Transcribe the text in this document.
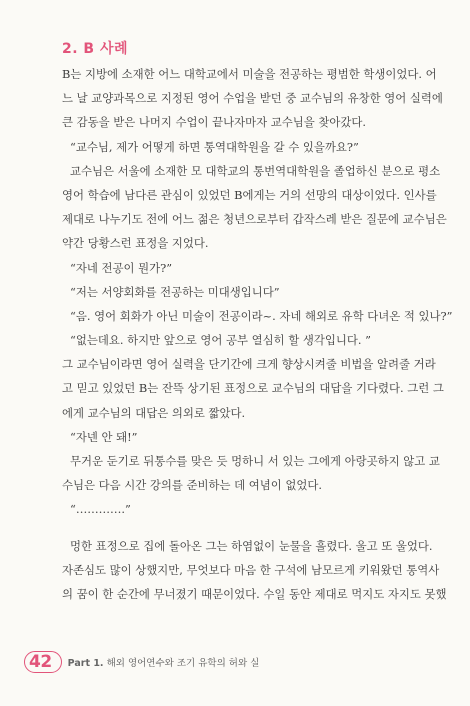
2. B 사례
B는 지방에 소재한 어느 대학교에서 미술을 전공하는 평범한 학생이었다. 어
느 날 교양과목으로 지정된 영어 수업을 받던 중 교수님의 유창한 영어 실력에
큰 감동을 받은 나머지 수업이 끝나자마자 교수님을 찾아갔다.
“교수님, 제가 어떻게 하면 통역대학원을 갈 수 있을까요?”
교수님은 서울에 소재한 모 대학교의 통번역대학원을 졸업하신 분으로 평소
영어 학습에 남다른 관심이 있었던 B에게는 거의 선망의 대상이었다. 인사를
제대로 나누기도 전에 어느 젊은 청년으로부터 갑작스레 받은 질문에 교수님은
약간 당황스런 표정을 지었다.
“자네 전공이 뭔가?”
“저는 서양회화를 전공하는 미대생입니다”
“음. 영어 회화가 아닌 미술이 전공이라~. 자네 해외로 유학 다녀온 적 있나?”
“없는데요. 하지만 앞으로 영어 공부 열심히 할 생각입니다. ”
그 교수님이라면 영어 실력을 단기간에 크게 향상시켜줄 비법을 알려줄 거라
고 믿고 있었던 B는 잔뜩 상기된 표정으로 교수님의 대답을 기다렸다. 그런 그
에게 교수님의 대답은 의외로 짧았다.
“자넨 안 돼!”
무거운 둔기로 뒤통수를 맞은 듯 멍하니 서 있는 그에게 아랑곳하지 않고 교
수님은 다음 시간 강의를 준비하는 데 여념이 없었다.
“………….”
멍한 표정으로 집에 돌아온 그는 하염없이 눈물을 흘렸다. 울고 또 울었다.
자존심도 많이 상했지만, 무엇보다 마음 한 구석에 남모르게 키워왔던 통역사
의 꿈이 한 순간에 무너졌기 때문이었다. 수일 동안 제대로 먹지도 자지도 못했
42 Part 1. 해외 영어연수와 조기 유학의 허와 실
